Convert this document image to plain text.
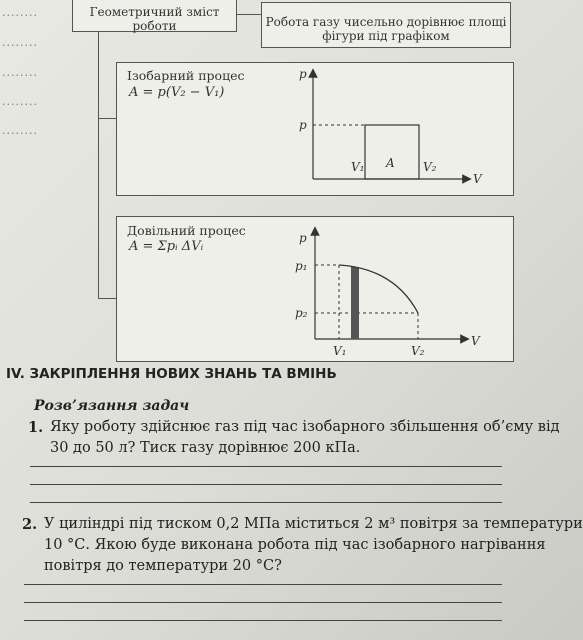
........
........
........
........
........
Геометричний зміст
роботи	Робота газу чисельно дорівнює площі
фігури під графіком
Ізобарний процес
A = p(V₂ − V₁)
p
V
p
A
V₁	V₂
Довільний процес
A = Σpᵢ ΔVᵢ
p
V
p₁
p₂
V₁	V₂
IV. ЗАКРІПЛЕННЯ НОВИХ ЗНАНЬ ТА ВМІНЬ
Розв’язання задач
1. Яку роботу здійснює газ під час ізобарного збільшення об’єму від
30 до 50 л? Тиск газу дорівнює 200 кПа.
2. У циліндрі під тиском 0,2 МПа міститься 2 м³ повітря за температури
10 °С. Якою буде виконана робота під час ізобарного нагрівання
повітря до температури 20 °С?
